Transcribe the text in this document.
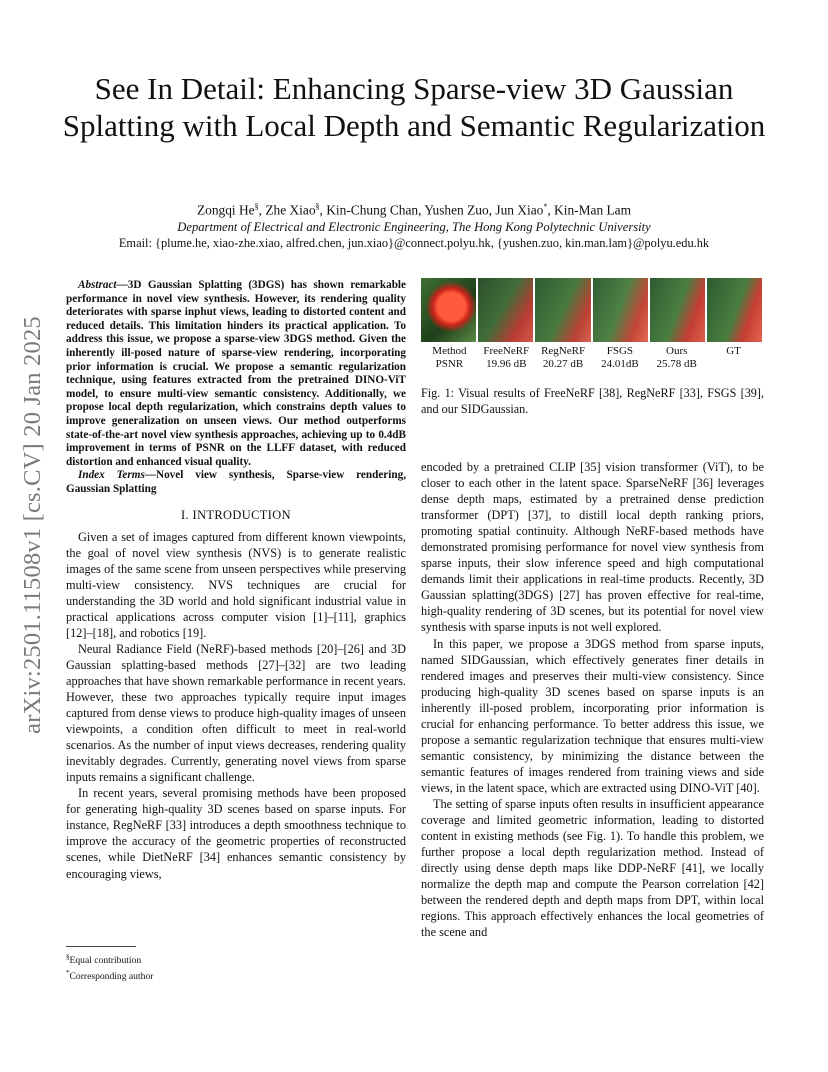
arXiv:2501.11508v1 [cs.CV] 20 Jan 2025
See In Detail: Enhancing Sparse-view 3D Gaussian Splatting with Local Depth and Semantic Regularization
Zongqi He§, Zhe Xiao§, Kin-Chung Chan, Yushen Zuo, Jun Xiao*, Kin-Man Lam
Department of Electrical and Electronic Engineering, The Hong Kong Polytechnic University
Email: {plume.he, xiao-zhe.xiao, alfred.chen, jun.xiao}@connect.polyu.hk, {yushen.zuo, kin.man.lam}@polyu.edu.hk

Abstract—3D Gaussian Splatting (3DGS) has shown remarkable performance in novel view synthesis. However, its rendering quality deteriorates with sparse inphut views, leading to distorted content and reduced details. This limitation hinders its practical application. To address this issue, we propose a sparse-view 3DGS method. Given the inherently ill-posed nature of sparse-view rendering, incorporating prior information is crucial. We propose a semantic regularization technique, using features extracted from the pretrained DINO-ViT model, to ensure multi-view semantic consistency. Additionally, we propose local depth regularization, which constrains depth values to improve generalization on unseen views. Our method outperforms state-of-the-art novel view synthesis approaches, achieving up to 0.4dB improvement in terms of PSNR on the LLFF dataset, with reduced distortion and enhanced visual quality.

Index Terms—Novel view synthesis, Sparse-view rendering, Gaussian Splatting

I. INTRODUCTION

Given a set of images captured from different known viewpoints, the goal of novel view synthesis (NVS) is to generate realistic images of the same scene from unseen perspectives while preserving multi-view consistency. NVS techniques are crucial for understanding the 3D world and hold significant industrial value in practical applications across computer vision [1]–[11], graphics [12]–[18], and robotics [19].

Neural Radiance Field (NeRF)-based methods [20]–[26] and 3D Gaussian splatting-based methods [27]–[32] are two leading approaches that have shown remarkable performance in recent years. However, these two approaches typically require input images captured from dense views to produce high-quality images of unseen viewpoints, a condition often difficult to meet in real-world scenarios. As the number of input views decreases, rendering quality inevitably degrades. Currently, generating novel views from sparse inputs remains a significant challenge.

In recent years, several promising methods have been proposed for generating high-quality 3D scenes based on sparse inputs. For instance, RegNeRF [33] introduces a depth smoothness technique to improve the accuracy of the geometric properties of reconstructed scenes, while DietNeRF [34] enhances semantic consistency by encouraging views,

Method
PSNR
FreeNeRF
19.96 dB
RegNeRF
20.27 dB
FSGS
24.01dB
Ours
25.78 dB
GT

Fig. 1: Visual results of FreeNeRF [38], RegNeRF [33], FSGS [39], and our SIDGaussian.

encoded by a pretrained CLIP [35] vision transformer (ViT), to be closer to each other in the latent space. SparseNeRF [36] leverages dense depth maps, estimated by a pretrained dense prediction transformer (DPT) [37], to distill local depth ranking priors, promoting spatial continuity. Although NeRF-based methods have demonstrated promising performance for novel view synthesis from sparse inputs, their slow inference speed and high computational demands limit their applications in real-time products. Recently, 3D Gaussian splatting(3DGS) [27] has proven effective for real-time, high-quality rendering of 3D scenes, but its potential for novel view synthesis with sparse inputs is not well explored.

In this paper, we propose a 3DGS method from sparse inputs, named SIDGaussian, which effectively generates finer details in rendered images and preserves their multi-view consistency. Since producing high-quality 3D scenes based on sparse inputs is an inherently ill-posed problem, incorporating prior information is crucial for enhancing performance. To better address this issue, we propose a semantic regularization technique that ensures multi-view semantic consistency, by minimizing the distance between the semantic features of images rendered from training views and side views, in the latent space, which are extracted using DINO-ViT [40].

The setting of sparse inputs often results in insufficient appearance coverage and limited geometric information, leading to distorted content in existing methods (see Fig. 1). To handle this problem, we further propose a local depth regularization method. Instead of directly using dense depth maps like DDP-NeRF [41], we locally normalize the depth map and compute the Pearson correlation [42] between the rendered depth and depth maps from DPT, within local regions. This approach effectively enhances the local geometries of the scene and

§Equal contribution
*Corresponding author
